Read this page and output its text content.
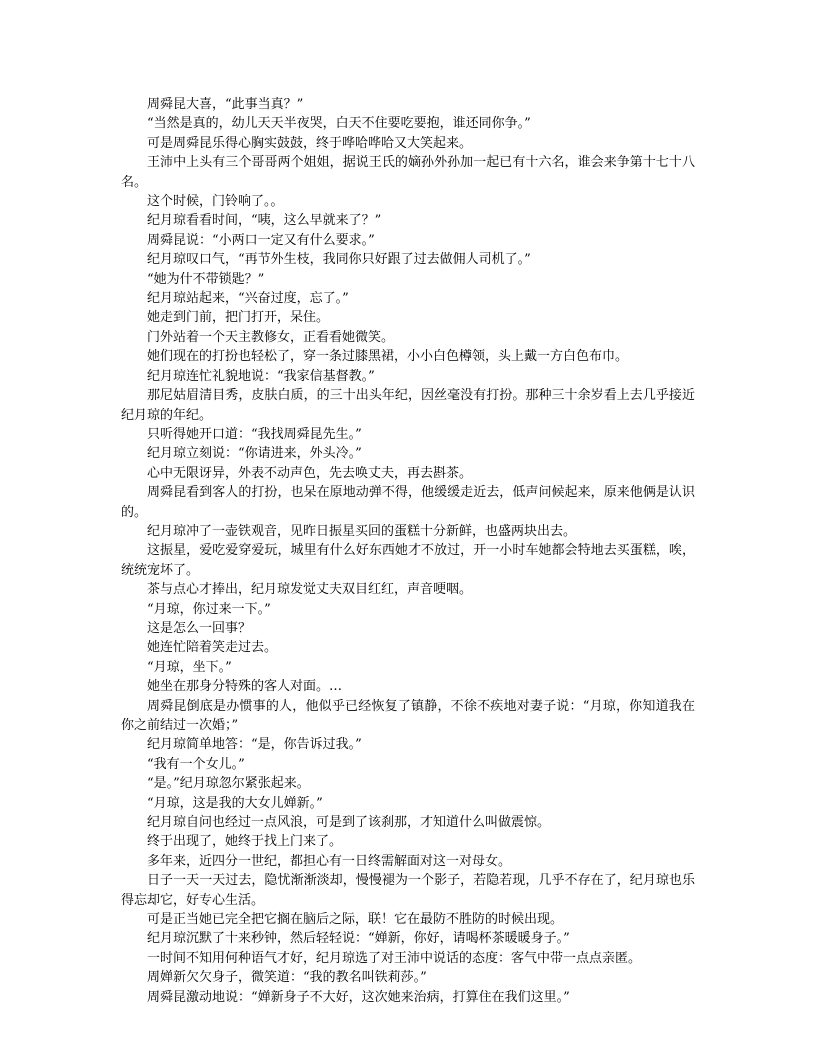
周舜昆大喜，“此事当真？”

“当然是真的，幼儿天天半夜哭，白天不住要吃要抱，谁还同你争。”

可是周舜昆乐得心胸实鼓鼓，终于哗哈哗哈又大笑起来。

王沛中上头有三个哥哥两个姐姐，据说王氏的嫡孙外孙加一起已有十六名，谁会来争第十七十八名。

这个时候，门铃响了。。

纪月琼看看时间，“咦，这么早就来了？”

周舜昆说：“小两口一定又有什么要求。”

纪月琼叹口气，“再节外生枝，我同你只好跟了过去做佣人司机了。”

“她为什不带锁匙？”

纪月琼站起来，“兴奋过度，忘了。”

她走到门前，把门打开，呆住。

门外站着一个天主教修女，正看看她微笑。

她们现在的打扮也轻松了，穿一条过膝黑裙，小小白色樽领，头上戴一方白色布巾。

纪月琼连忙礼貌地说：“我家信基督教。”

那尼姑眉清目秀，皮肤白质，的三十出头年纪，因丝毫没有打扮。那种三十余岁看上去几乎接近纪月琼的年纪。

只听得她开口道：“我找周舜昆先生。”

纪月琼立刻说：“你请进来，外头冷。”

心中无限讶异，外表不动声色，先去唤丈夫，再去斟茶。

周舜昆看到客人的打扮，也呆在原地动弹不得，他缓缓走近去，低声问候起来，原来他俩是认识的。

纪月琼冲了一壶铁观音，见昨日振星买回的蛋糕十分新鲜，也盛两块出去。

这振星，爱吃爱穿爱玩，城里有什么好东西她才不放过，开一小时车她都会特地去买蛋糕，唉，统统宠坏了。

茶与点心才捧出，纪月琼发觉丈夫双目红红，声音哽咽。

“月琼，你过来一下。”

这是怎么一回事？

她连忙陪着笑走过去。

“月琼，坐下。”

她坐在那身分特殊的客人对面。…

周舜昆倒底是办惯事的人，他似乎已经恢复了镇静，不徐不疾地对妻子说：“月琼，你知道我在你之前结过一次婚；”

纪月琼简单地答：“是，你告诉过我。”

“我有一个女儿。”

“是。”纪月琼忽尔紧张起来。

“月琼，这是我的大女儿婵新。”

纪月琼自问也经过一点风浪，可是到了该刹那，才知道什么叫做震惊。

终于出现了，她终于找上门来了。

多年来，近四分一世纪，都担心有一日终需解面对这一对母女。

日子一天一天过去，隐忧渐渐淡却，慢慢褪为一个影子，若隐若现，几乎不存在了，纪月琼也乐得忘却它，好专心生活。

可是正当她已完全把它搁在脑后之际，联！它在最防不胜防的时候出现。

纪月琼沉默了十来秒钟，然后轻轻说：“婵新，你好，请喝杯茶暖暖身子。”

一时间不知用何种语气才好，纪月琼选了对王沛中说话的态度：客气中带一点点亲匿。

周婵新欠欠身子，微笑道：“我的教名叫铁莉莎。”

周舜昆激动地说：“婵新身子不大好，这次她来治病，打算住在我们这里。”
